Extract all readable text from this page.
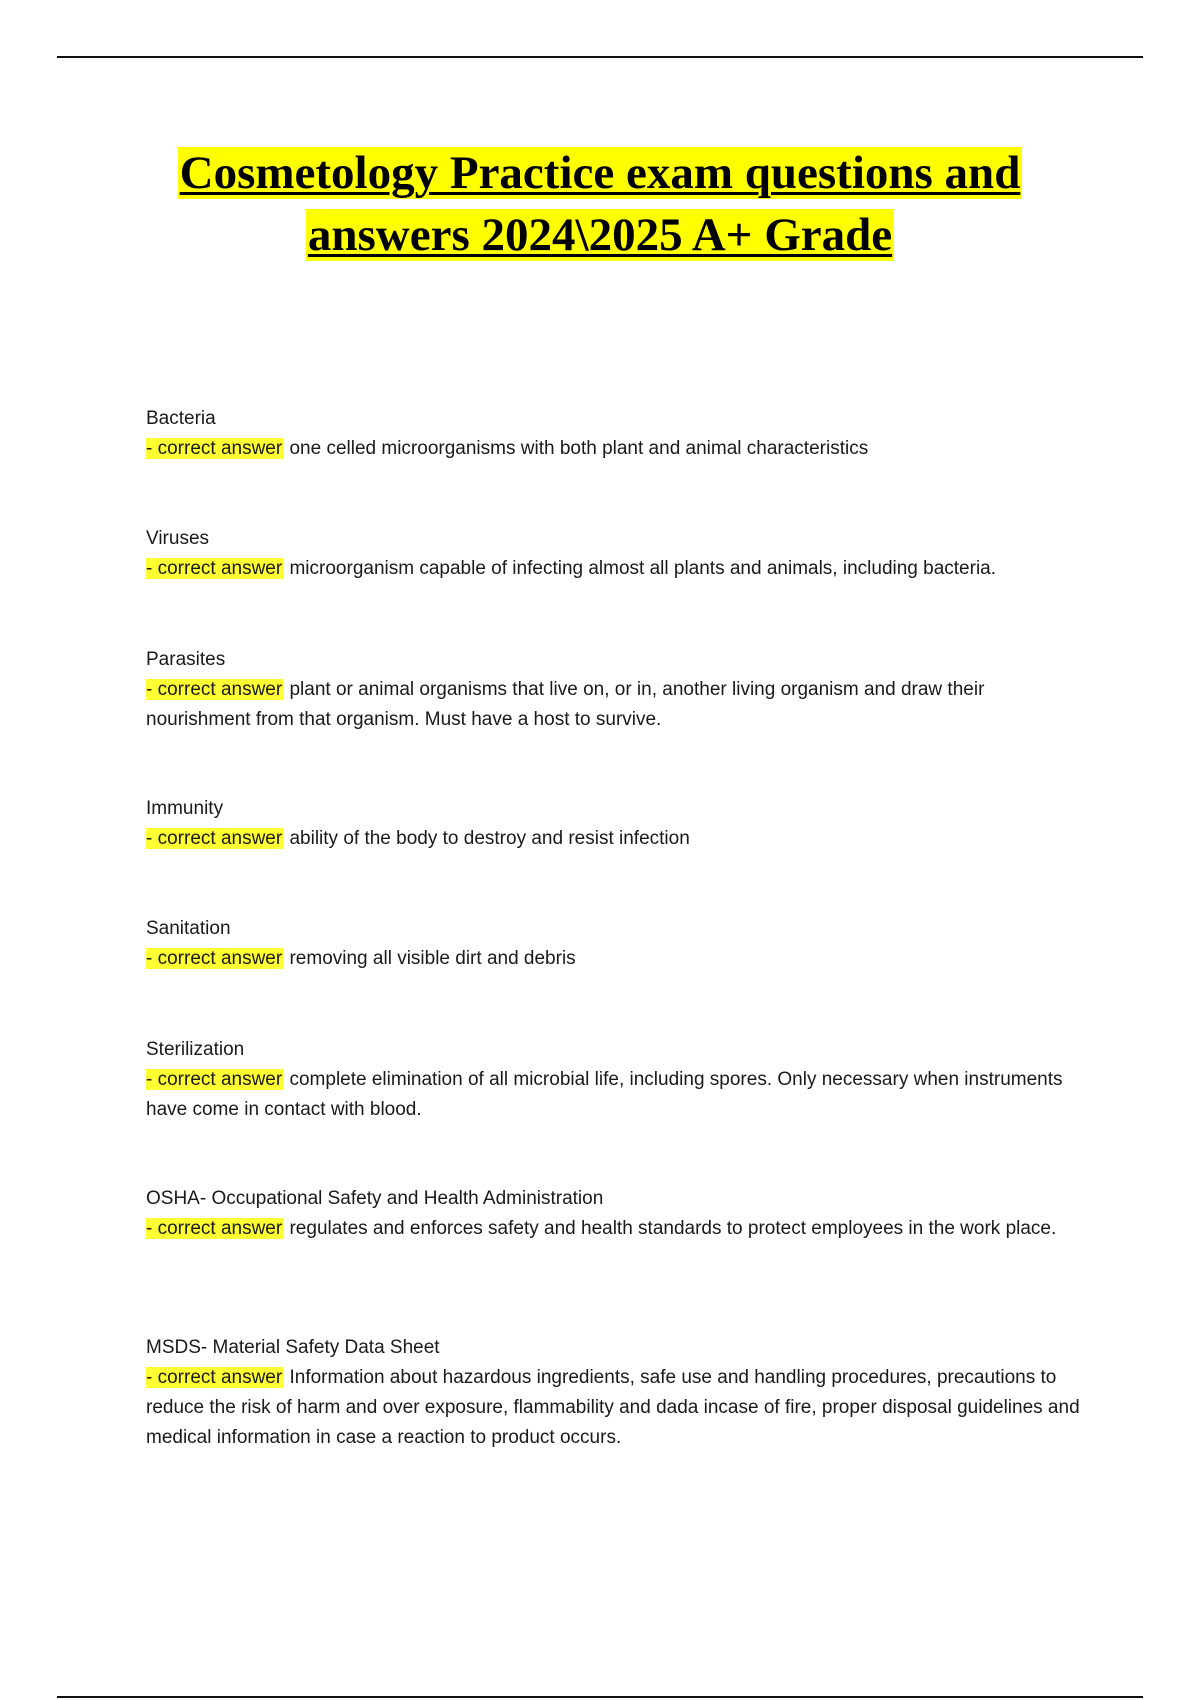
Cosmetology Practice exam questions and
answers 2024\2025 A+ Grade
Bacteria
- correct answer one celled microorganisms with both plant and animal characteristics
Viruses
- correct answer microorganism capable of infecting almost all plants and animals, including bacteria.
Parasites
- correct answer plant or animal organisms that live on, or in, another living organism and draw their nourishment from that organism. Must have a host to survive.
Immunity
- correct answer ability of the body to destroy and resist infection
Sanitation
- correct answer removing all visible dirt and debris
Sterilization
- correct answer complete elimination of all microbial life, including spores. Only necessary when instruments have come in contact with blood.
OSHA- Occupational Safety and Health Administration
- correct answer regulates and enforces safety and health standards to protect employees in the work place.
MSDS- Material Safety Data Sheet
- correct answer Information about hazardous ingredients, safe use and handling procedures, precautions to reduce the risk of harm and over exposure, flammability and dada incase of fire, proper disposal guidelines and medical information in case a reaction to product occurs.
